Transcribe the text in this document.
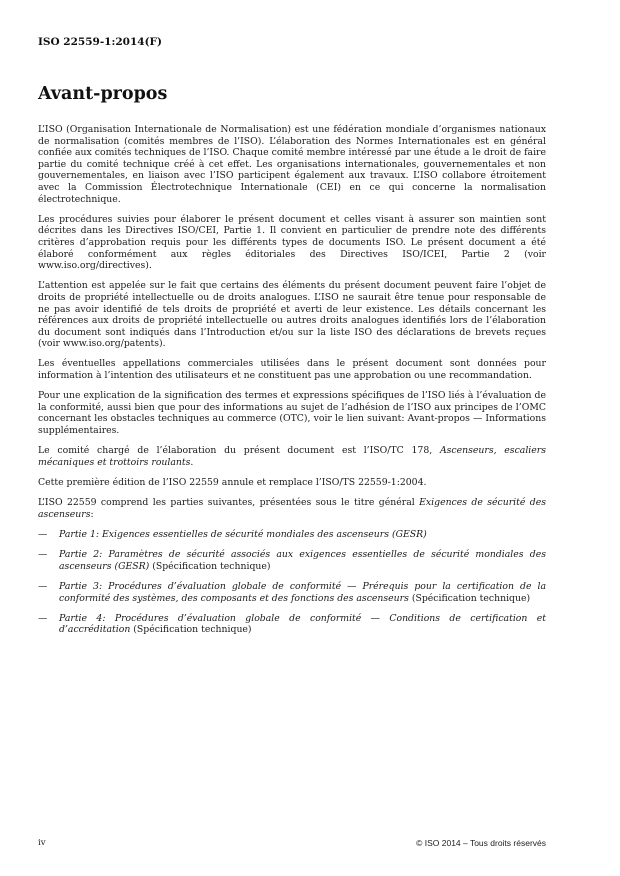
ISO 22559-1:2014(F)
Avant-propos

L’ISO (Organisation Internationale de Normalisation) est une fédération mondiale d’organismes nationaux de normalisation (comités membres de l’ISO). L’élaboration des Normes Internationales est en général confiée aux comités techniques de l’ISO. Chaque comité membre intéressé par une étude a le droit de faire partie du comité technique créé à cet effet. Les organisations internationales, gouvernementales et non gouvernementales, en liaison avec l’ISO participent également aux travaux. L’ISO collabore étroitement avec la Commission Électrotechnique Internationale (CEI) en ce qui concerne la normalisation électrotechnique.

Les procédures suivies pour élaborer le présent document et celles visant à assurer son maintien sont décrites dans les Directives ISO/CEI, Partie 1. Il convient en particulier de prendre note des différents critères d’approbation requis pour les différents types de documents ISO. Le présent document a été élaboré conformément aux règles éditoriales des Directives ISO/ICEI, Partie 2 (voir www.iso.org/directives).

L’attention est appelée sur le fait que certains des éléments du présent document peuvent faire l’objet de droits de propriété intellectuelle ou de droits analogues. L’ISO ne saurait être tenue pour responsable de ne pas avoir identifié de tels droits de propriété et averti de leur existence. Les détails concernant les références aux droits de propriété intellectuelle ou autres droits analogues identifiés lors de l’élaboration du document sont indiqués dans l’Introduction et/ou sur la liste ISO des déclarations de brevets reçues (voir www.iso.org/patents).

Les éventuelles appellations commerciales utilisées dans le présent document sont données pour information à l’intention des utilisateurs et ne constituent pas une approbation ou une recommandation.

Pour une explication de la signification des termes et expressions spécifiques de l’ISO liés à l’évaluation de la conformité, aussi bien que pour des informations au sujet de l’adhésion de l’ISO aux principes de l’OMC concernant les obstacles techniques au commerce (OTC), voir le lien suivant: Avant-propos — Informations supplémentaires.

Le comité chargé de l’élaboration du présent document est l’ISO/TC 178, Ascenseurs, escaliers mécaniques et trottoirs roulants.

Cette première édition de l’ISO 22559 annule et remplace l’ISO/TS 22559-1:2004.

L’ISO 22559 comprend les parties suivantes, présentées sous le titre général Exigences de sécurité des ascenseurs:

— Partie 1: Exigences essentielles de sécurité mondiales des ascenseurs (GESR)
— Partie 2: Paramètres de sécurité associés aux exigences essentielles de sécurité mondiales des ascenseurs (GESR) (Spécification technique)
— Partie 3: Procédures d’évaluation globale de conformité — Prérequis pour la certification de la conformité des systèmes, des composants et des fonctions des ascenseurs (Spécification technique)
— Partie 4: Procédures d’évaluation globale de conformité — Conditions de certification et d’accréditation (Spécification technique)
iv	© ISO 2014 – Tous droits réservés
